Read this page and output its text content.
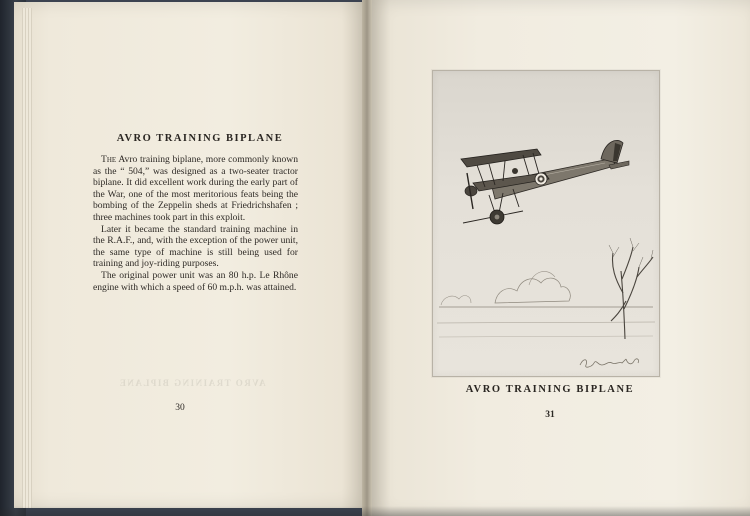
AVRO TRAINING BIPLANE

The Avro training biplane, more commonly known as the “ 504,” was designed as a two-seater tractor biplane. It did excellent work during the early part of the War, one of the most meritorious feats being the bombing of the Zeppelin sheds at Friedrichshafen ; three machines took part in this exploit.

Later it became the standard training machine in the R.A.F., and, with the exception of the power unit, the same type of machine is still being used for training and joy-riding purposes.

The original power unit was an 80 h.p. Le Rhône engine with which a speed of 60 m.p.h. was attained.

AVRO TRAINING BIPLANE
30
AVRO TRAINING BIPLANE
31
